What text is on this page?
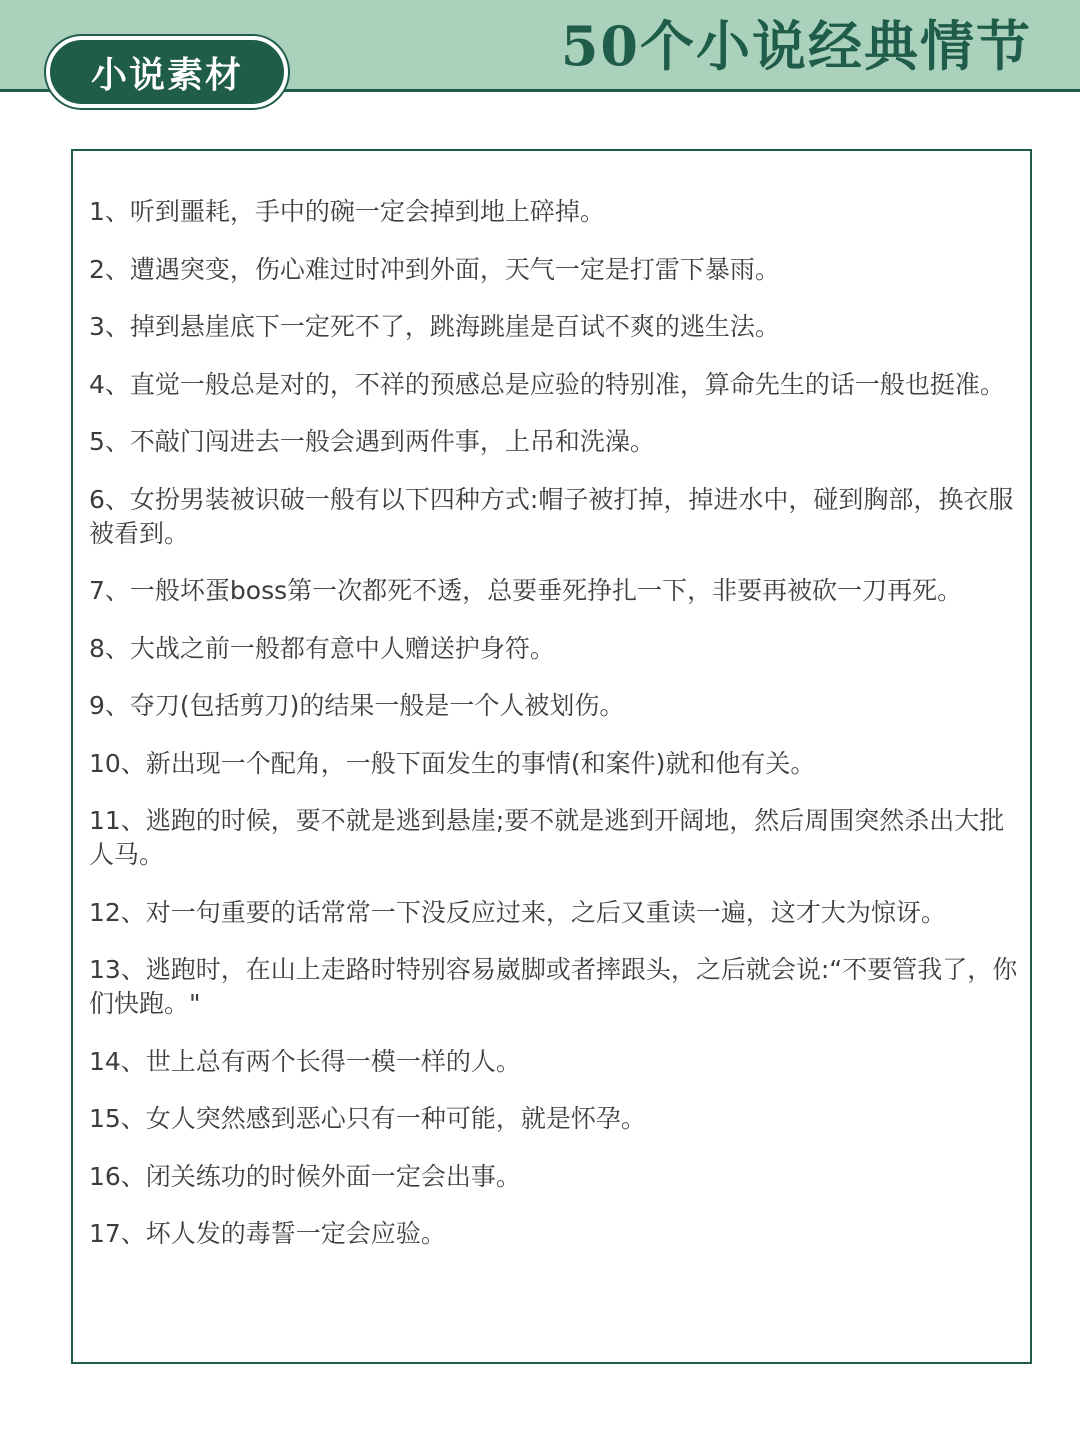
50个小说经典情节
小说素材
1、听到噩耗，手中的碗一定会掉到地上碎掉。
2、遭遇突变，伤心难过时冲到外面，天气一定是打雷下暴雨。
3、掉到悬崖底下一定死不了，跳海跳崖是百试不爽的逃生法。
4、直觉一般总是对的，不祥的预感总是应验的特别准，算命先生的话一般也挺准。
5、不敲门闯进去一般会遇到两件事，上吊和洗澡。
6、女扮男装被识破一般有以下四种方式:帽子被打掉，掉进水中，碰到胸部，换衣服被看到。
7、一般坏蛋boss第一次都死不透，总要垂死挣扎一下，非要再被砍一刀再死。
8、大战之前一般都有意中人赠送护身符。
9、夺刀(包括剪刀)的结果一般是一个人被划伤。
10、新出现一个配角，一般下面发生的事情(和案件)就和他有关。
11、逃跑的时候，要不就是逃到悬崖;要不就是逃到开阔地，然后周围突然杀出大批人马。
12、对一句重要的话常常一下没反应过来，之后又重读一遍，这才大为惊讶。
13、逃跑时，在山上走路时特别容易崴脚或者摔跟头，之后就会说:“不要管我了，你们快跑。"
14、世上总有两个长得一模一样的人。
15、女人突然感到恶心只有一种可能，就是怀孕。
16、闭关练功的时候外面一定会出事。
17、坏人发的毒誓一定会应验。
